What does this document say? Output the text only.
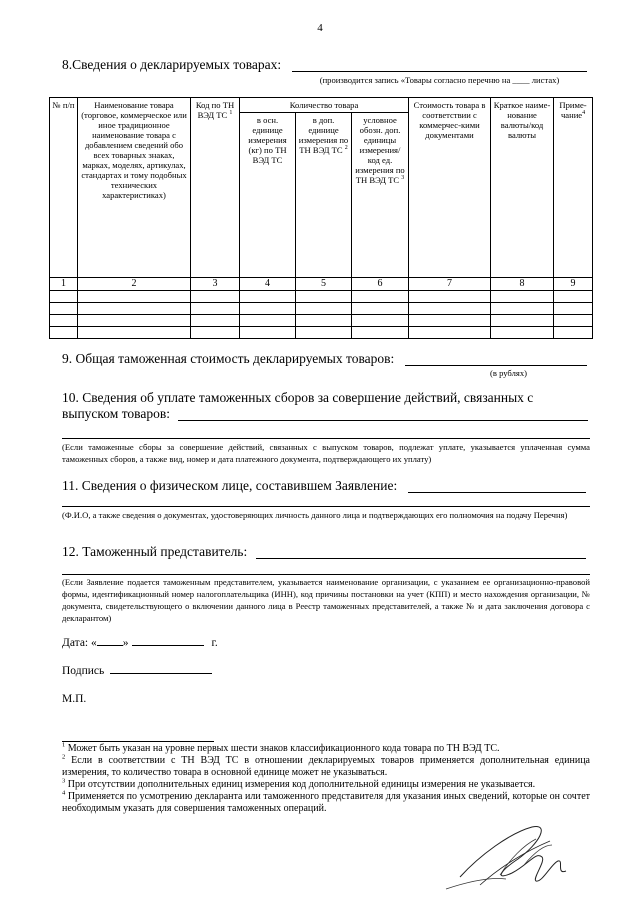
4
8.Сведения о декларируемых товарах:
(производится запись «Товары согласно перечню на ____ листах)
№ п/п	Наименование товара (торговое, коммерческое или иное традиционное наименование товара с добавлением сведений обо всех товарных знаках, марках, моделях, артикулах, стандартах и тому подобных технических характеристиках)	Код по ТН ВЭД ТС $^1$	Количество товара			Стоимость товара в соответствии с коммерчес-кими документами	Краткое наиме-нование валюты/код валюты	Приме-чание$^4$
			в осн. единице измерения (кг) по ТН ВЭД ТС	в доп. единице измерения по ТН ВЭД ТС $^2$	условное обозн. доп. единицы измерения/ код ед. измерения по ТН ВЭД ТС $^3$
1	2	3	4	5	6	7	8	9

9. Общая таможенная стоимость декларируемых товаров:
(в рублях)
10. Сведения об уплате таможенных сборов за совершение действий, связанных с
выпуском товаров:
(Если таможенные сборы за совершение действий, связанных с выпуском товаров, подлежат уплате, указывается уплаченная сумма таможенных сборов, а также вид, номер и дата платежного документа, подтверждающего их уплату)
11. Сведения о физическом лице, составившем Заявление:
(Ф.И.О, а также сведения о документах, удостоверяющих личность данного лица и подтверждающих его полномочия на подачу Перечня)
12. Таможенный представитель:
(Если Заявление подается таможенным представителем, указывается наименование организации, с указанием ее организационно-правовой формы, идентификационный номер налогоплательщика (ИНН), код причины постановки на учет (КПП) и место нахождения организации, № документа, свидетельствующего о включении данного лица в Реестр таможенных представителей, а также № и дата заключения договора с декларантом)
Дата: « »	г.
Подпись
М.П.
$^1$ Может быть указан на уровне первых шести знаков классификационного кода товара по ТН ВЭД ТС.
$^2$ Если в соответствии с ТН ВЭД ТС в отношении декларируемых товаров применяется дополнительная единица измерения, то количество товара в основной единице может не указываться.
$^3$ При отсутствии дополнительных единиц измерения код дополнительной единицы измерения не указывается.
$^4$ Применяется по усмотрению декларанта или таможенного представителя для указания иных сведений, которые он сочтет необходимым указать для совершения таможенных операций.
